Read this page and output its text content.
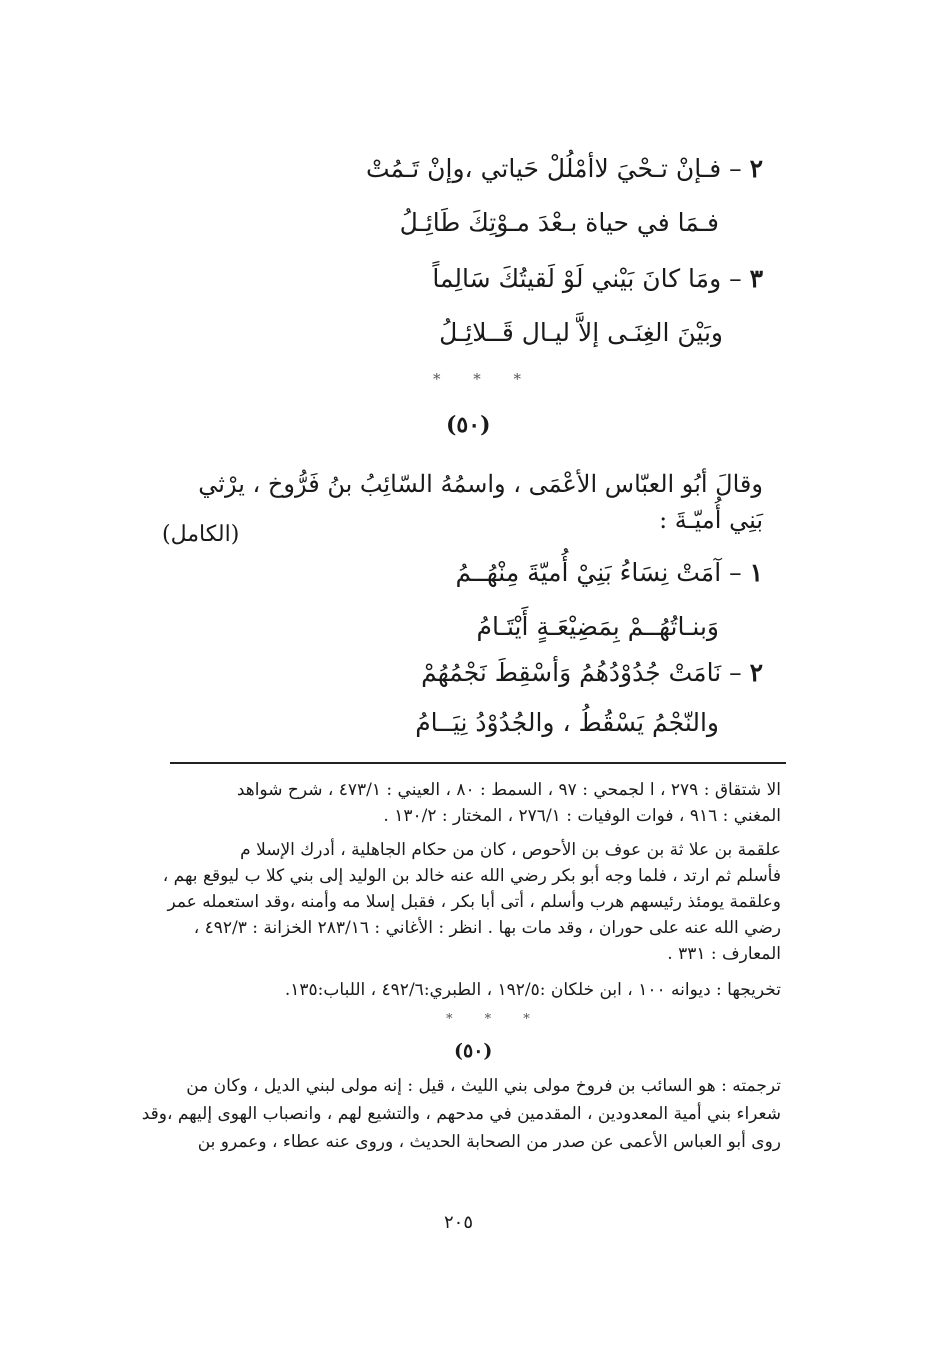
٢ – فـإنْ تـحْيَ لاأمْلُلْ حَياتي ،وإنْ تَـمُتْ
فـمَا في حياة بـعْدَ مـوْتِكَ طَائِـلُ
٣ – ومَا كانَ بَيْني لَوْ لَقيتُكَ سَالِماً
وبَيْنَ الغِنَـى إلاَّ ليـال قَــلائِـلُ
* * *
(٥٠)
وقالَ أبُو العبّاس الأعْمَى ، واسمُهُ السّائِبُ بنُ فَرُّوخ ، يرْثي
بَنِي أُميّـةَ :
(الكامل)
١ – آمَتْ نِسَاءُ بَنِيْ أُميّةَ مِنْهُــمُ
وَبنـاتُهُــمْ بِمَضِيْعَـةٍ أَيْتَـامُ
٢ – نَامَتْ جُدُوْدُهُمُ وَأسْقِطَ نَجْمُهُمْ
والنّجْمُ يَسْقُطُ ، والجُدُوْدُ نِيَــامُ
الا شتقاق : ٢٧٩ ، ا لجمحي : ٩٧ ، السمط : ٨٠ ، العيني : ٤٧٣/١ ، شرح شواهد
المغني : ٩١٦ ، فوات الوفيات : ٢٧٦/١ ، المختار : ١٣٠/٢ .
علقمة بن علا ثة بن عوف بن الأحوص ، كان من حكام الجاهلية ، أدرك الإسلا م
فأسلم ثم ارتد ، فلما وجه أبو بكر رضي الله عنه خالد بن الوليد إلى بني كلا ب ليوقع بهم ،
وعلقمة يومئذ رئيسهم هرب وأسلم ، أتى أبا بكر ، فقبل إسلا مه وأمنه ،وقد استعمله عمر
رضي الله عنه على حوران ، وقد مات بها . انظر : الأغاني : ٢٨٣/١٦ الخزانة : ٤٩٢/٣ ،
المعارف : ٣٣١ .
تخريجها : ديوانه ١٠٠ ، ابن خلكان :١٩٢/٥ ، الطبري:٤٩٢/٦ ، اللباب:١٣٥.
* * *
(٥٠)
ترجمته : هو السائب بن فروخ مولى بني الليث ، قيل : إنه مولى لبني الديل ، وكان من
شعراء بني أمية المعدودين ، المقدمين في مدحهم ، والتشيع لهم ، وانصباب الهوى إليهم ،وقد
روى أبو العباس الأعمى عن صدر من الصحابة الحديث ، وروى عنه عطاء ، وعمرو بن
٢٠٥
